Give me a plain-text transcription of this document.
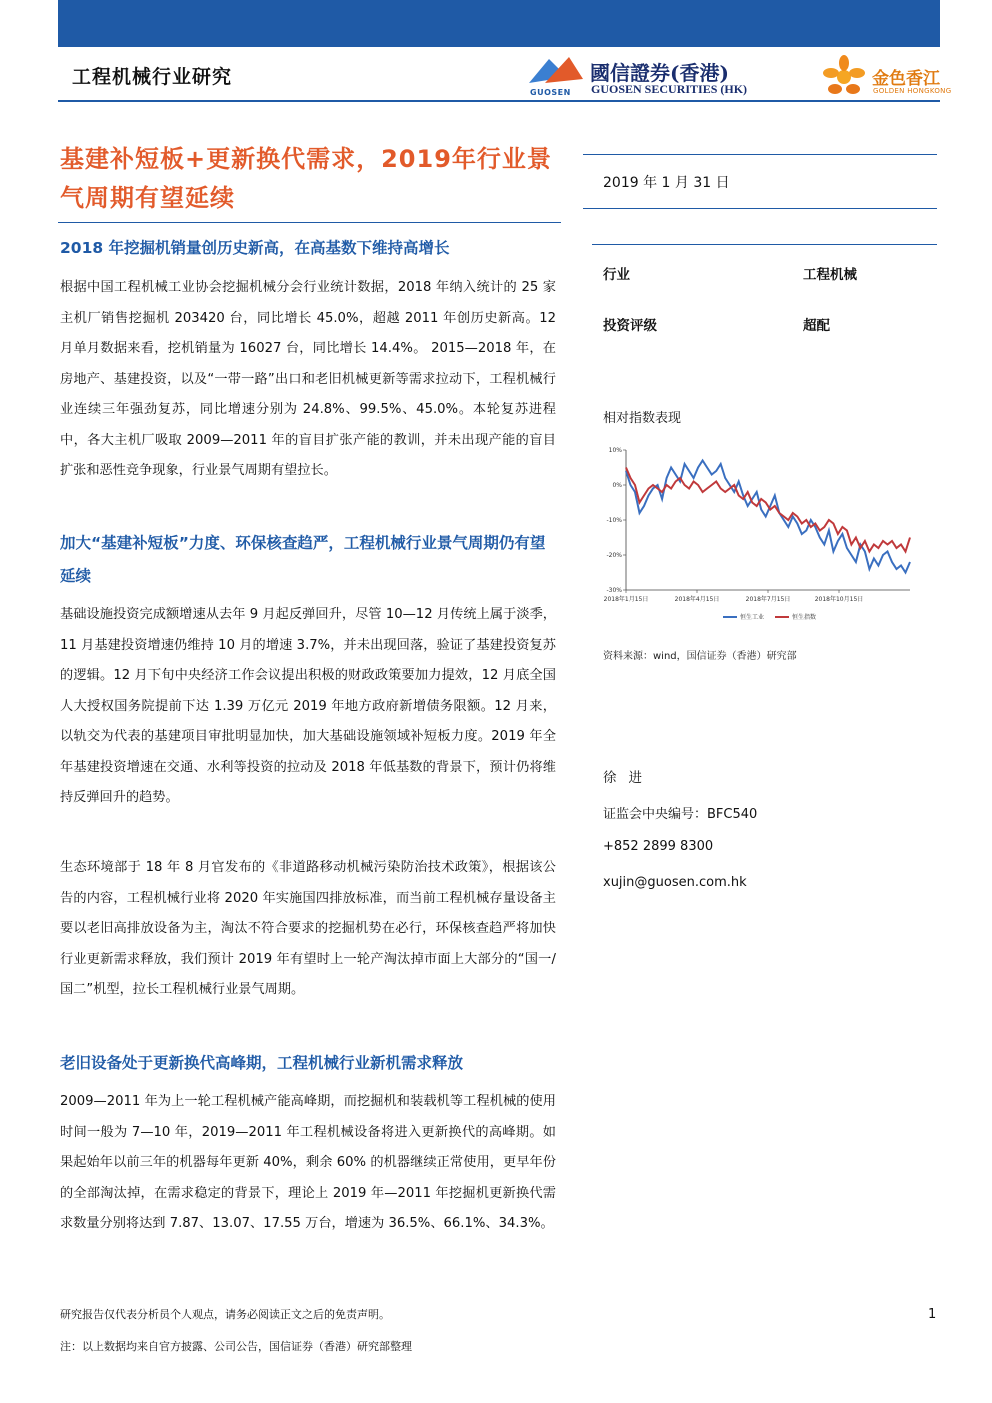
工程机械行业研究
GUOSEN
國信證券(香港)
GUOSEN SECURITIES (HK)	金色香江
GOLDEN HONGKONG
基建补短板+更新换代需求，2019年行业景气周期有望延续
2018 年挖掘机销量创历史新高，在高基数下维持高增长
根据中国工程机械工业协会挖掘机械分会行业统计数据，2018 年纳入统计的 25 家主机厂销售挖掘机 203420 台，同比增长 45.0%，超越 2011 年创历史新高。12 月单月数据来看，挖机销量为 16027 台，同比增长 14.4%。 2015—2018 年，在房地产、基建投资，以及“一带一路”出口和老旧机械更新等需求拉动下，工程机械行业连续三年强劲复苏，同比增速分别为 24.8%、99.5%、45.0%。本轮复苏进程中，各大主机厂吸取 2009—2011 年的盲目扩张产能的教训，并未出现产能的盲目扩张和恶性竞争现象，行业景气周期有望拉长。
加大“基建补短板”力度、环保核查趋严，工程机械行业景气周期仍有望延续
基础设施投资完成额增速从去年 9 月起反弹回升，尽管 10—12 月传统上属于淡季，11 月基建投资增速仍维持 10 月的增速 3.7%，并未出现回落，验证了基建投资复苏的逻辑。12 月下旬中央经济工作会议提出积极的财政政策要加力提效，12 月底全国人大授权国务院提前下达 1.39 万亿元 2019 年地方政府新增债务限额。12 月来，以轨交为代表的基建项目审批明显加快，加大基础设施领域补短板力度。2019 年全年基建投资增速在交通、水利等投资的拉动及 2018 年低基数的背景下，预计仍将维持反弹回升的趋势。
生态环境部于 18 年 8 月官发布的《非道路移动机械污染防治技术政策》，根据该公告的内容，工程机械行业将 2020 年实施国四排放标准，而当前工程机械存量设备主要以老旧高排放设备为主，淘汰不符合要求的挖掘机势在必行，环保核查趋严将加快行业更新需求释放，我们预计 2019 年有望时上一轮产淘汰掉市面上大部分的“国一/国二”机型，拉长工程机械行业景气周期。
老旧设备处于更新换代高峰期，工程机械行业新机需求释放
2009—2011 年为上一轮工程机械产能高峰期，而挖掘机和装载机等工程机械的使用时间一般为 7—10 年，2019—2011 年工程机械设备将进入更新换代的高峰期。如果起始年以前三年的机器每年更新 40%，剩余 60% 的机器继续正常使用，更早年份的全部淘汰掉，在需求稳定的背景下，理论上 2019 年—2011 年挖掘机更新换代需求数量分别将达到 7.87、13.07、17.55 万台，增速为 36.5%、66.1%、34.3%。
2019 年 1 月 31 日
行业	工程机械
投资评级	超配
相对指数表现
10%
0%
-10%
-20%
-30%
2018年1月15日	2018年4月15日	2018年7月15日	2018年10月15日
恒生工业	恒生指数
资料来源：wind，国信证券（香港）研究部
徐进
证监会中央编号：BFC540
+852 2899 8300
xujin@guosen.com.hk
研究报告仅代表分析员个人观点，请务必阅读正文之后的免责声明。	1
注：以上数据均来自官方披露、公司公告，国信证券（香港）研究部整理
